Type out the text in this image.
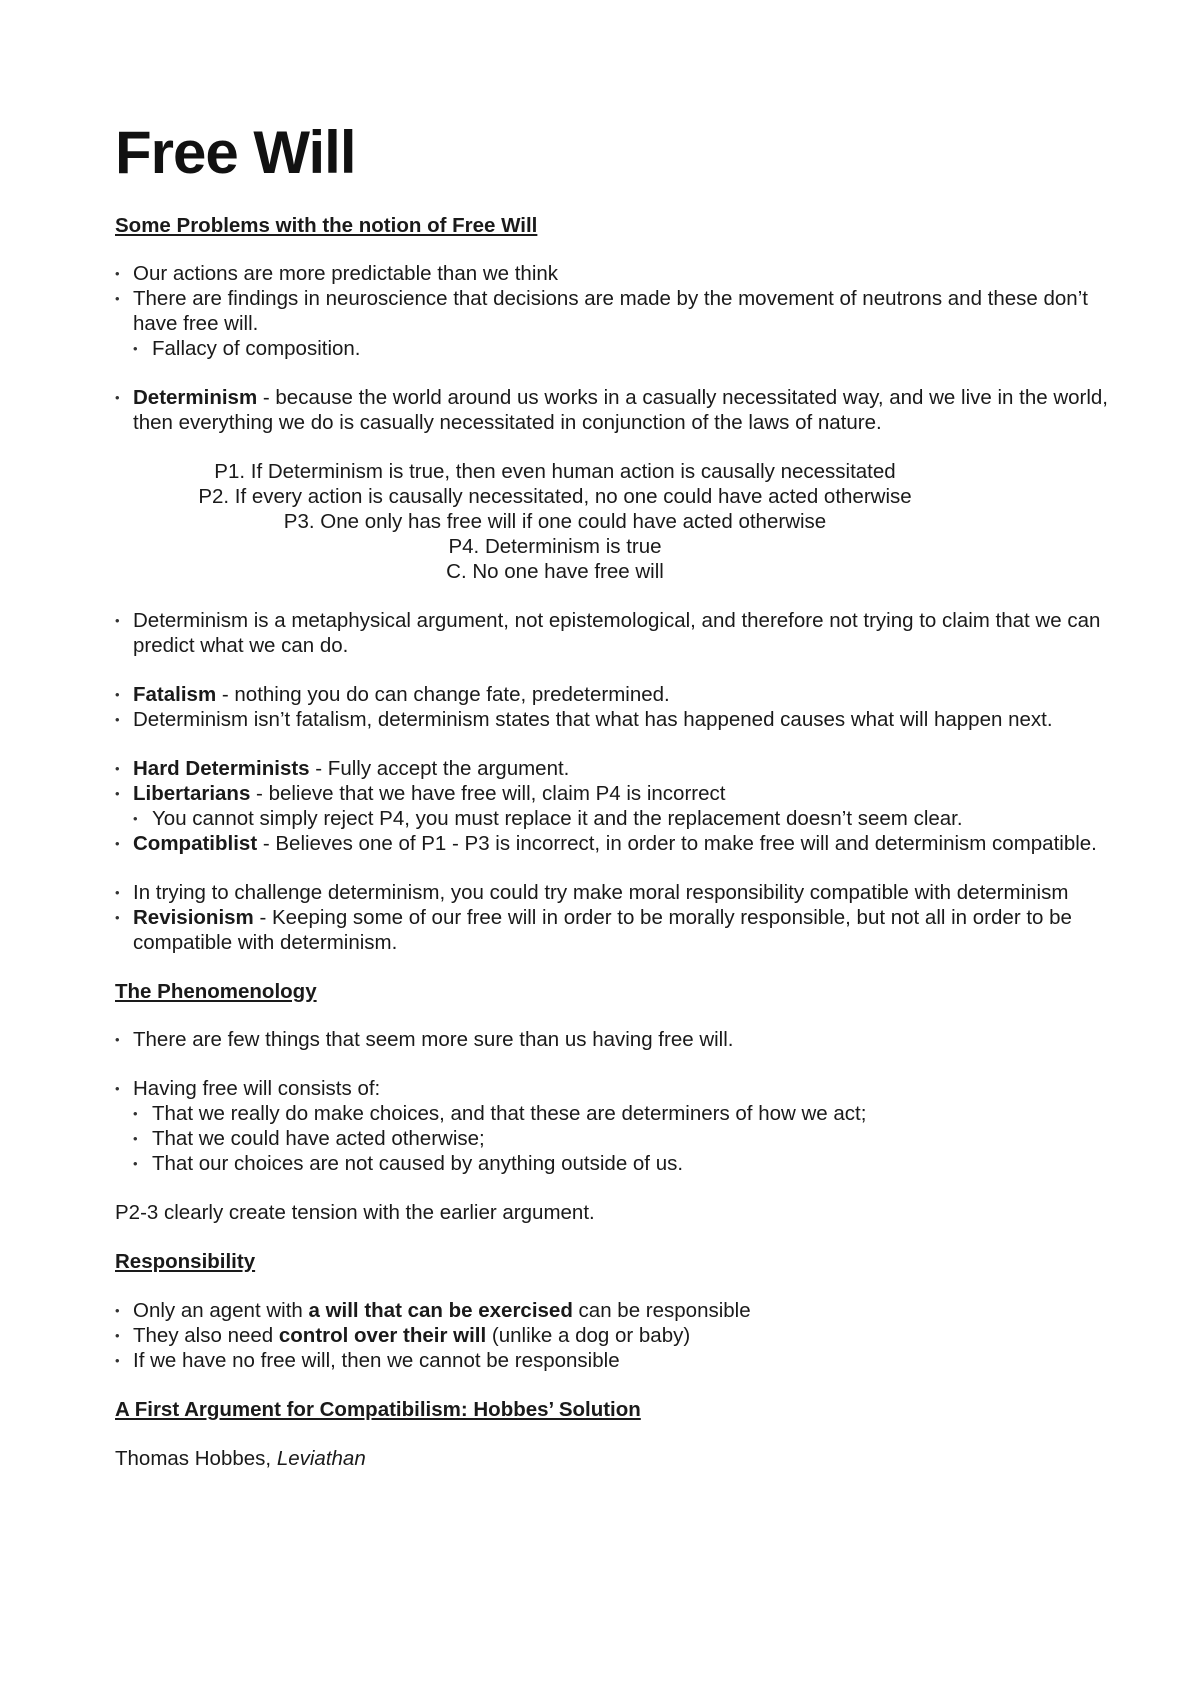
Free Will

Some Problems with the notion of Free Will

• Our actions are more predictable than we think
• There are findings in neuroscience that decisions are made by the movement of neutrons and these don’t have free will.
• Fallacy of composition.
• Determinism - because the world around us works in a casually necessitated way, and we live in the world, then everything we do is casually necessitated in conjunction of the laws of nature.
P1. If Determinism is true, then even human action is causally necessitated
P2. If every action is causally necessitated, no one could have acted otherwise
P3. One only has free will if one could have acted otherwise
P4. Determinism is true
C. No one have free will
• Determinism is a metaphysical argument, not epistemological, and therefore not trying to claim that we can predict what we can do.
• Fatalism - nothing you do can change fate, predetermined.
• Determinism isn’t fatalism, determinism states that what has happened causes what will happen next.
• Hard Determinists - Fully accept the argument.
• Libertarians - believe that we have free will, claim P4 is incorrect
• You cannot simply reject P4, you must replace it and the replacement doesn’t seem clear.
• Compatiblist - Believes one of P1 - P3 is incorrect, in order to make free will and determinism compatible.
• In trying to challenge determinism, you could try make moral responsibility compatible with determinism
• Revisionism - Keeping some of our free will in order to be morally responsible, but not all in order to be compatible with determinism.

The Phenomenology

• There are few things that seem more sure than us having free will.
• Having free will consists of:
• That we really do make choices, and that these are determiners of how we act;
• That we could have acted otherwise;
• That our choices are not caused by anything outside of us.

P2-3 clearly create tension with the earlier argument.

Responsibility

• Only an agent with a will that can be exercised can be responsible
• They also need control over their will (unlike a dog or baby)
• If we have no free will, then we cannot be responsible

A First Argument for Compatibilism: Hobbes’ Solution

Thomas Hobbes, Leviathan
